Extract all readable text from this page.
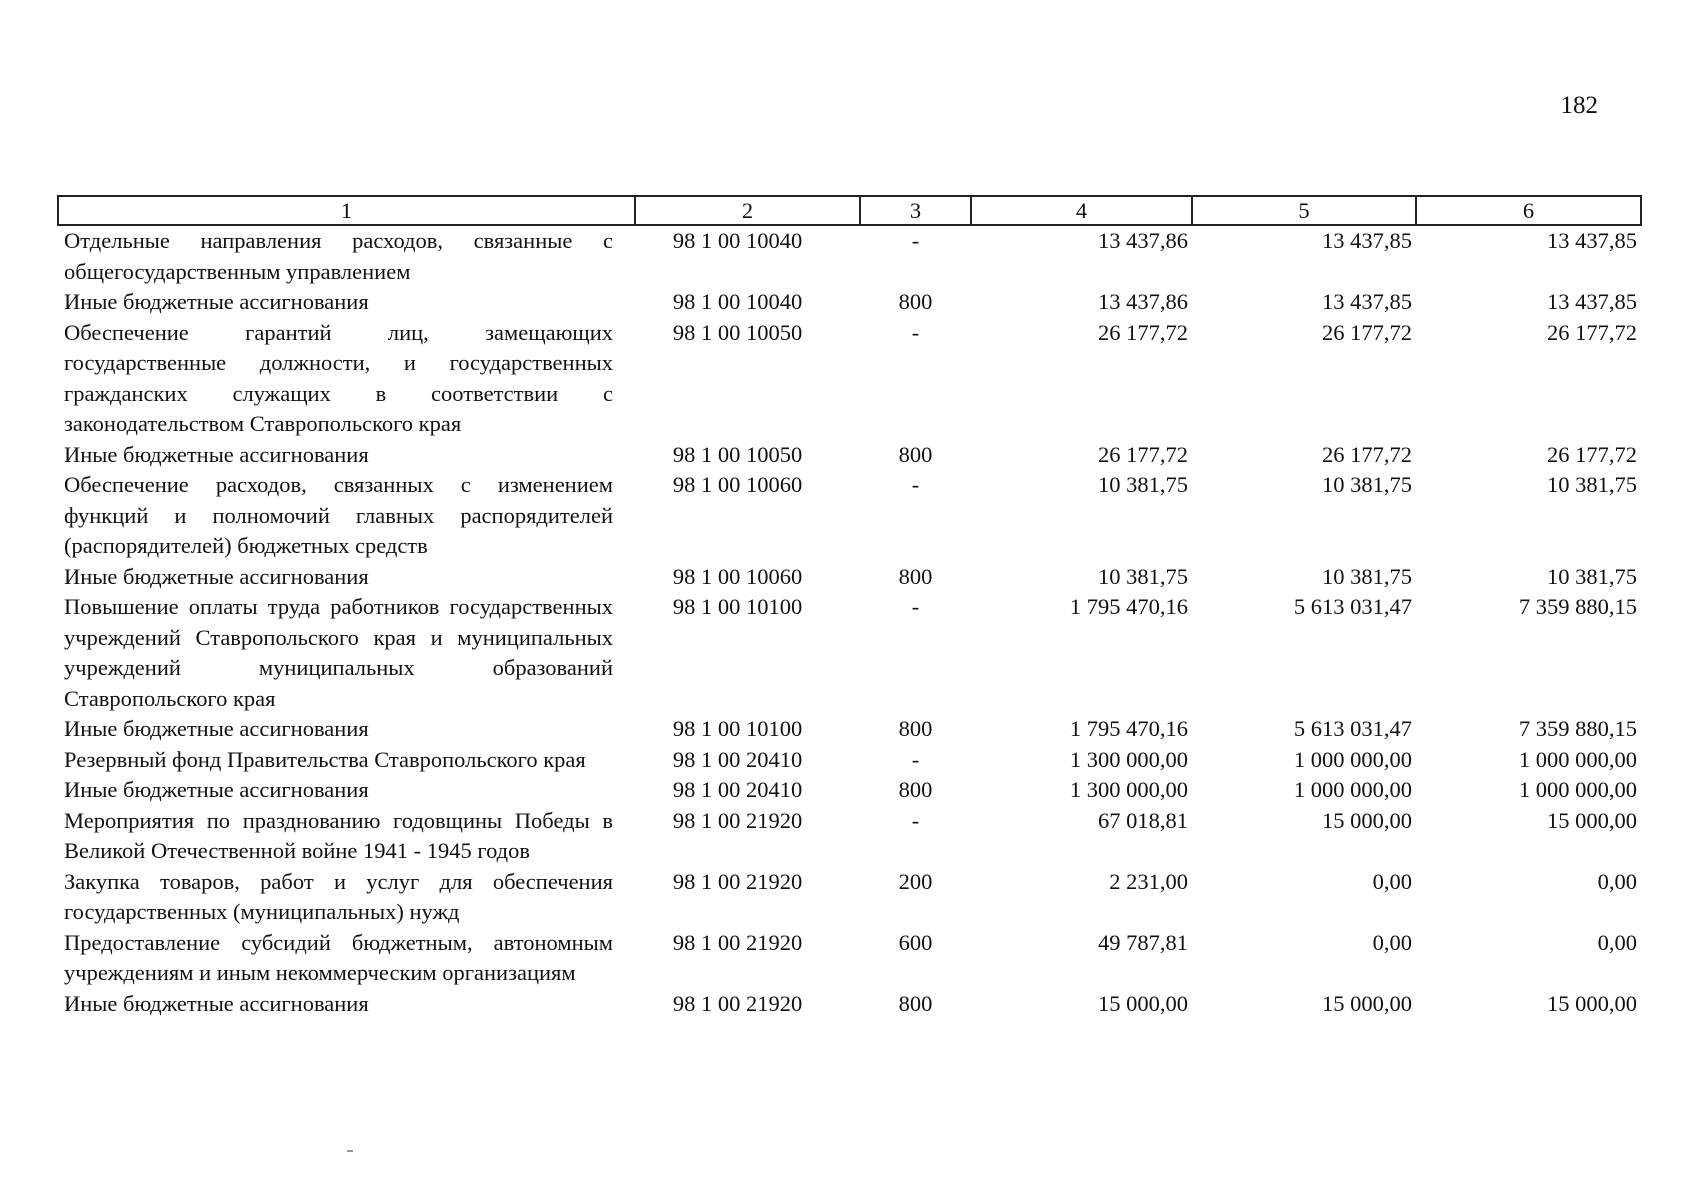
182
1	2	3	4	5	6
Отдельные направления расходов, связанные с общегосударственным управлением	98 1 00 10040	-	13 437,86	13 437,85	13 437,85
Иные бюджетные ассигнования	98 1 00 10040	800	13 437,86	13 437,85	13 437,85
Обеспечение гарантий лиц, замещающих государственные должности, и государственных гражданских служащих в соответствии с законодательством Ставропольского края	98 1 00 10050	-	26 177,72	26 177,72	26 177,72
Иные бюджетные ассигнования	98 1 00 10050	800	26 177,72	26 177,72	26 177,72
Обеспечение расходов, связанных с изменением функций и полномочий главных распорядителей (распорядителей) бюджетных средств	98 1 00 10060	-	10 381,75	10 381,75	10 381,75
Иные бюджетные ассигнования	98 1 00 10060	800	10 381,75	10 381,75	10 381,75
Повышение оплаты труда работников государственных учреждений Ставропольского края и муниципальных учреждений муниципальных образований Ставропольского края	98 1 00 10100	-	1 795 470,16	5 613 031,47	7 359 880,15
Иные бюджетные ассигнования	98 1 00 10100	800	1 795 470,16	5 613 031,47	7 359 880,15
Резервный фонд Правительства Ставропольского края	98 1 00 20410	-	1 300 000,00	1 000 000,00	1 000 000,00
Иные бюджетные ассигнования	98 1 00 20410	800	1 300 000,00	1 000 000,00	1 000 000,00
Мероприятия по празднованию годовщины Победы в Великой Отечественной войне 1941 - 1945 годов	98 1 00 21920	-	67 018,81	15 000,00	15 000,00
Закупка товаров, работ и услуг для обеспечения государственных (муниципальных) нужд	98 1 00 21920	200	2 231,00	0,00	0,00
Предоставление субсидий бюджетным, автономным учреждениям и иным некоммерческим организациям	98 1 00 21920	600	49 787,81	0,00	0,00
Иные бюджетные ассигнования	98 1 00 21920	800	15 000,00	15 000,00	15 000,00
